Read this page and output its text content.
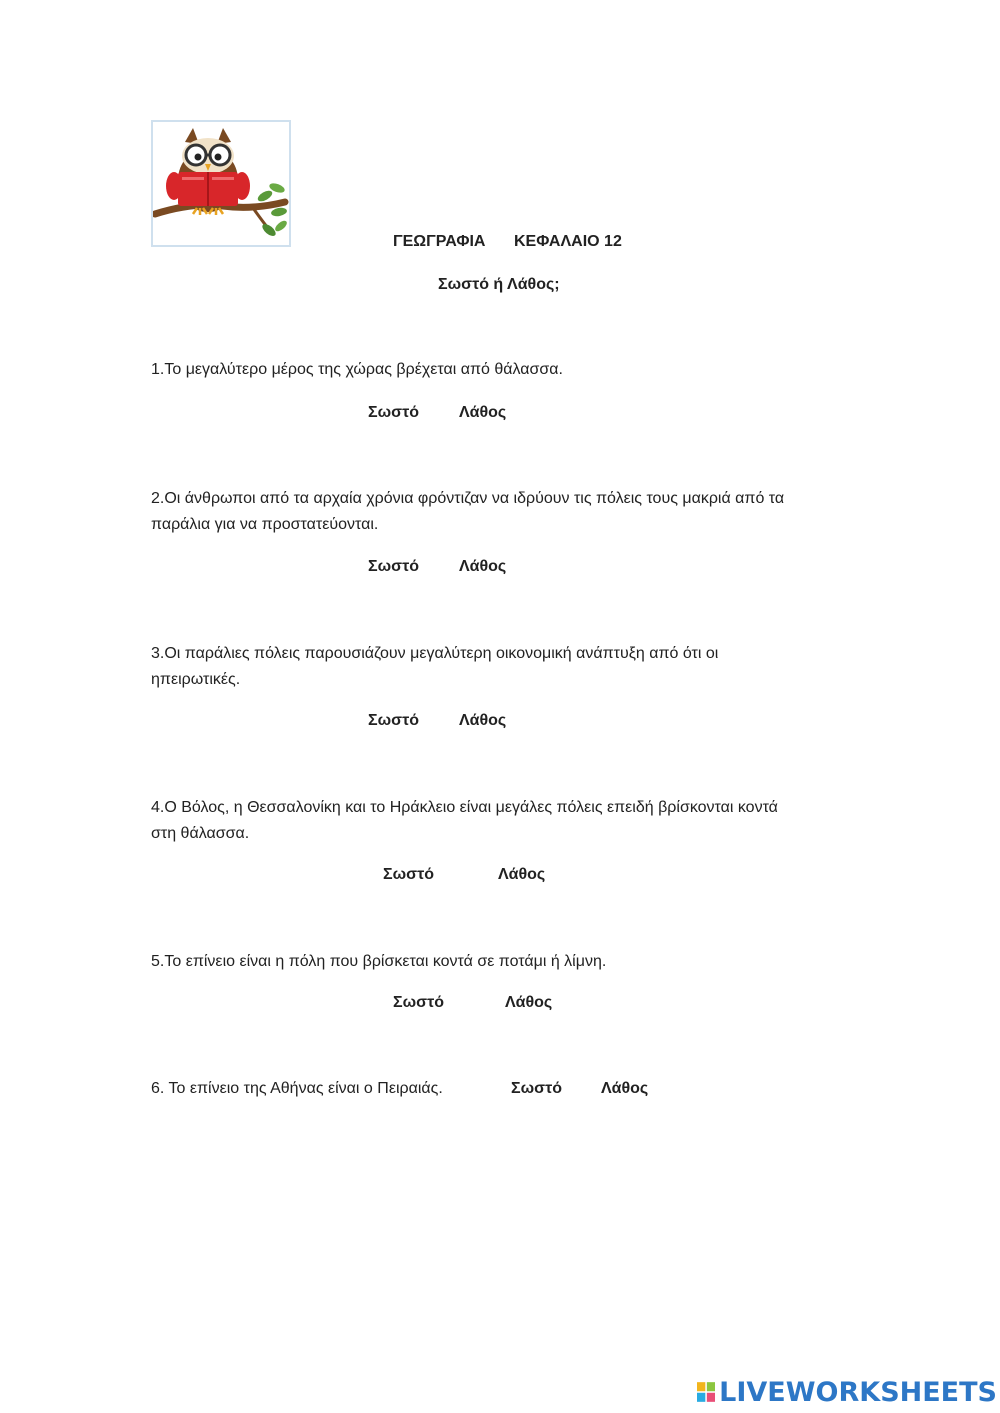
ΓΕΩΓΡΑΦΙΑ ΚΕΦΑΛΑΙΟ 12
Σωστό ή Λάθος;
1.Το μεγαλύτερο μέρος της χώρας βρέχεται από θάλασσα.
Σωστό	Λάθος
2.Οι άνθρωποι από τα αρχαία χρόνια φρόντιζαν να ιδρύουν τις πόλεις τους μακριά από τα
παράλια για να προστατεύονται.
Σωστό	Λάθος
3.Οι παράλιες πόλεις παρουσιάζουν μεγαλύτερη οικονομική ανάπτυξη από ότι οι
ηπειρωτικές.
Σωστό	Λάθος
4.Ο Βόλος, η Θεσσαλονίκη και το Ηράκλειο είναι μεγάλες πόλεις επειδή βρίσκονται κοντά
στη θάλασσα.
Σωστό	Λάθος
5.Το επίνειο είναι η πόλη που βρίσκεται κοντά σε ποτάμι ή λίμνη.
Σωστό	Λάθος
6. Το επίνειο της Αθήνας είναι ο Πειραιάς.	Σωστό Λάθος
LIVEWORKSHEETS
